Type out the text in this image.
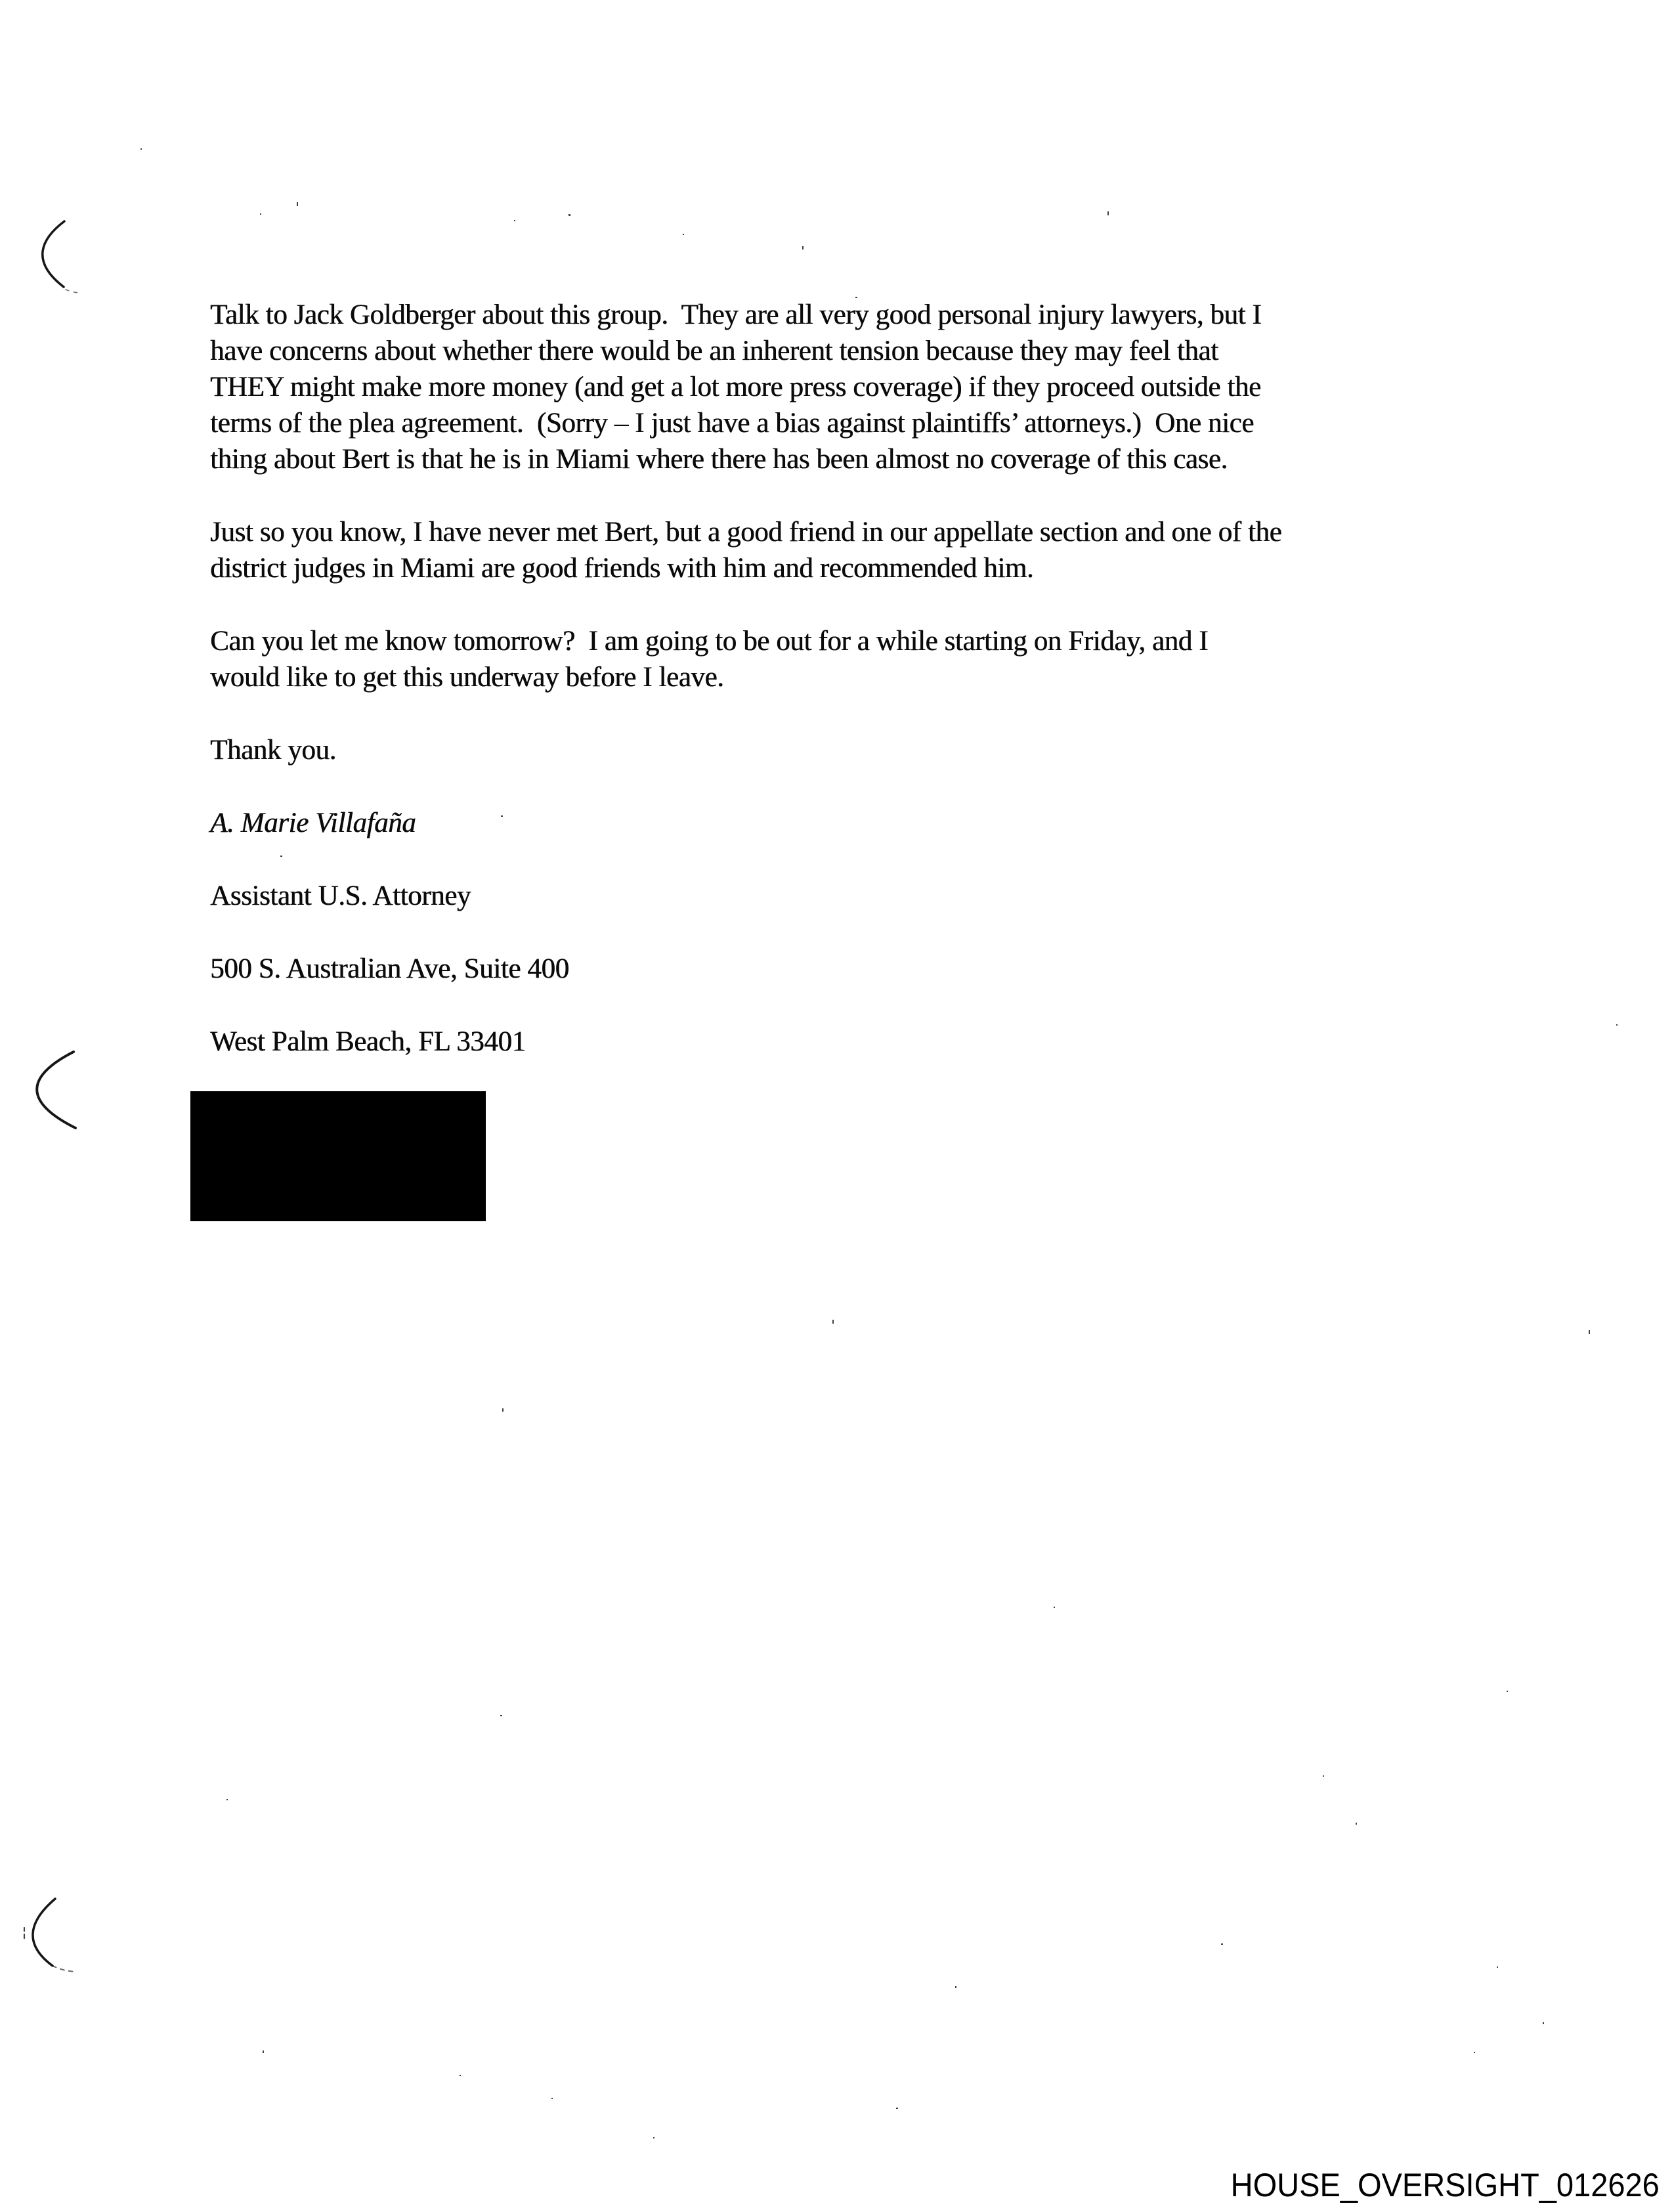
Talk to Jack Goldberger about this group.  They are all very good personal injury lawyers, but I
have concerns about whether there would be an inherent tension because they may feel that
THEY might make more money (and get a lot more press coverage) if they proceed outside the
terms of the plea agreement.  (Sorry – I just have a bias against plaintiffs’ attorneys.)  One nice
thing about Bert is that he is in Miami where there has been almost no coverage of this case.
Just so you know, I have never met Bert, but a good friend in our appellate section and one of the
district judges in Miami are good friends with him and recommended him.
Can you let me know tomorrow?  I am going to be out for a while starting on Friday, and I
would like to get this underway before I leave.
Thank you.
A. Marie Villafaña
Assistant U.S. Attorney
500 S. Australian Ave, Suite 400
West Palm Beach, FL 33401
HOUSE_OVERSIGHT_012626
